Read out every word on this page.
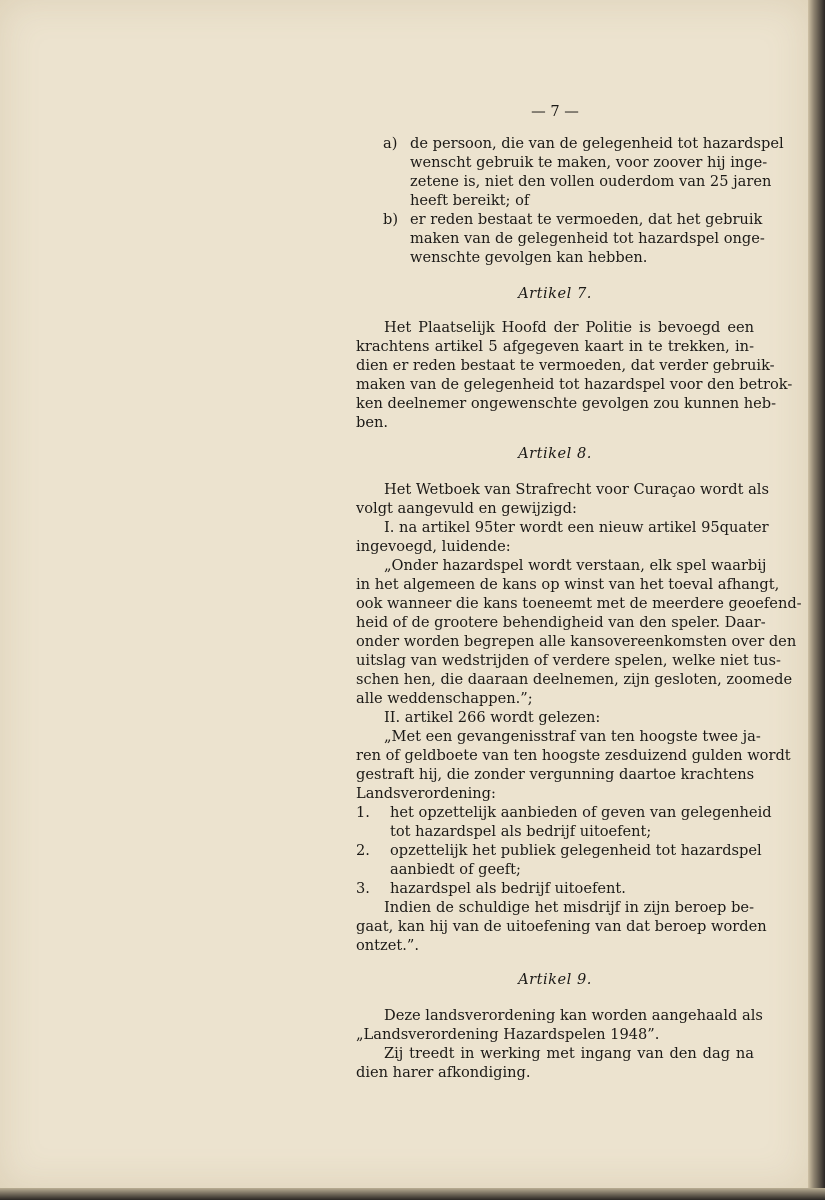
— 7 —
a) de persoon, die van de gelegenheid tot hazardspel
wenscht gebruik te maken, voor zoover hij inge-
zetene is, niet den vollen ouderdom van 25 jaren
heeft bereikt; of
b) er reden bestaat te vermoeden, dat het gebruik
maken van de gelegenheid tot hazardspel onge-
wenschte gevolgen kan hebben.
Artikel 7.
Het Plaatselijk Hoofd der Politie is bevoegd een
krachtens artikel 5 afgegeven kaart in te trekken, in-
dien er reden bestaat te vermoeden, dat verder gebruik-
maken van de gelegenheid tot hazardspel voor den betrok-
ken deelnemer ongewenschte gevolgen zou kunnen heb-
ben.
Artikel 8.
Het Wetboek van Strafrecht voor Curaçao wordt als
volgt aangevuld en gewijzigd:
I. na artikel 95ter wordt een nieuw artikel 95quater
ingevoegd, luidende:
„Onder hazardspel wordt verstaan, elk spel waarbij
in het algemeen de kans op winst van het toeval afhangt,
ook wanneer die kans toeneemt met de meerdere geoefend-
heid of de grootere behendigheid van den speler. Daar-
onder worden begrepen alle kansovereenkomsten over den
uitslag van wedstrijden of verdere spelen, welke niet tus-
schen hen, die daaraan deelnemen, zijn gesloten, zoomede
alle weddenschappen.”;
II. artikel 266 wordt gelezen:
„Met een gevangenisstraf van ten hoogste twee ja-
ren of geldboete van ten hoogste zesduizend gulden wordt
gestraft hij, die zonder vergunning daartoe krachtens
Landsverordening:
1. het opzettelijk aanbieden of geven van gelegenheid
tot hazardspel als bedrijf uitoefent;
2. opzettelijk het publiek gelegenheid tot hazardspel
aanbiedt of geeft;
3. hazardspel als bedrijf uitoefent.
Indien de schuldige het misdrijf in zijn beroep be-
gaat, kan hij van de uitoefening van dat beroep worden
ontzet.”.
Artikel 9.
Deze landsverordening kan worden aangehaald als
„Landsverordening Hazardspelen 1948”.
Zij treedt in werking met ingang van den dag na
dien harer afkondiging.
